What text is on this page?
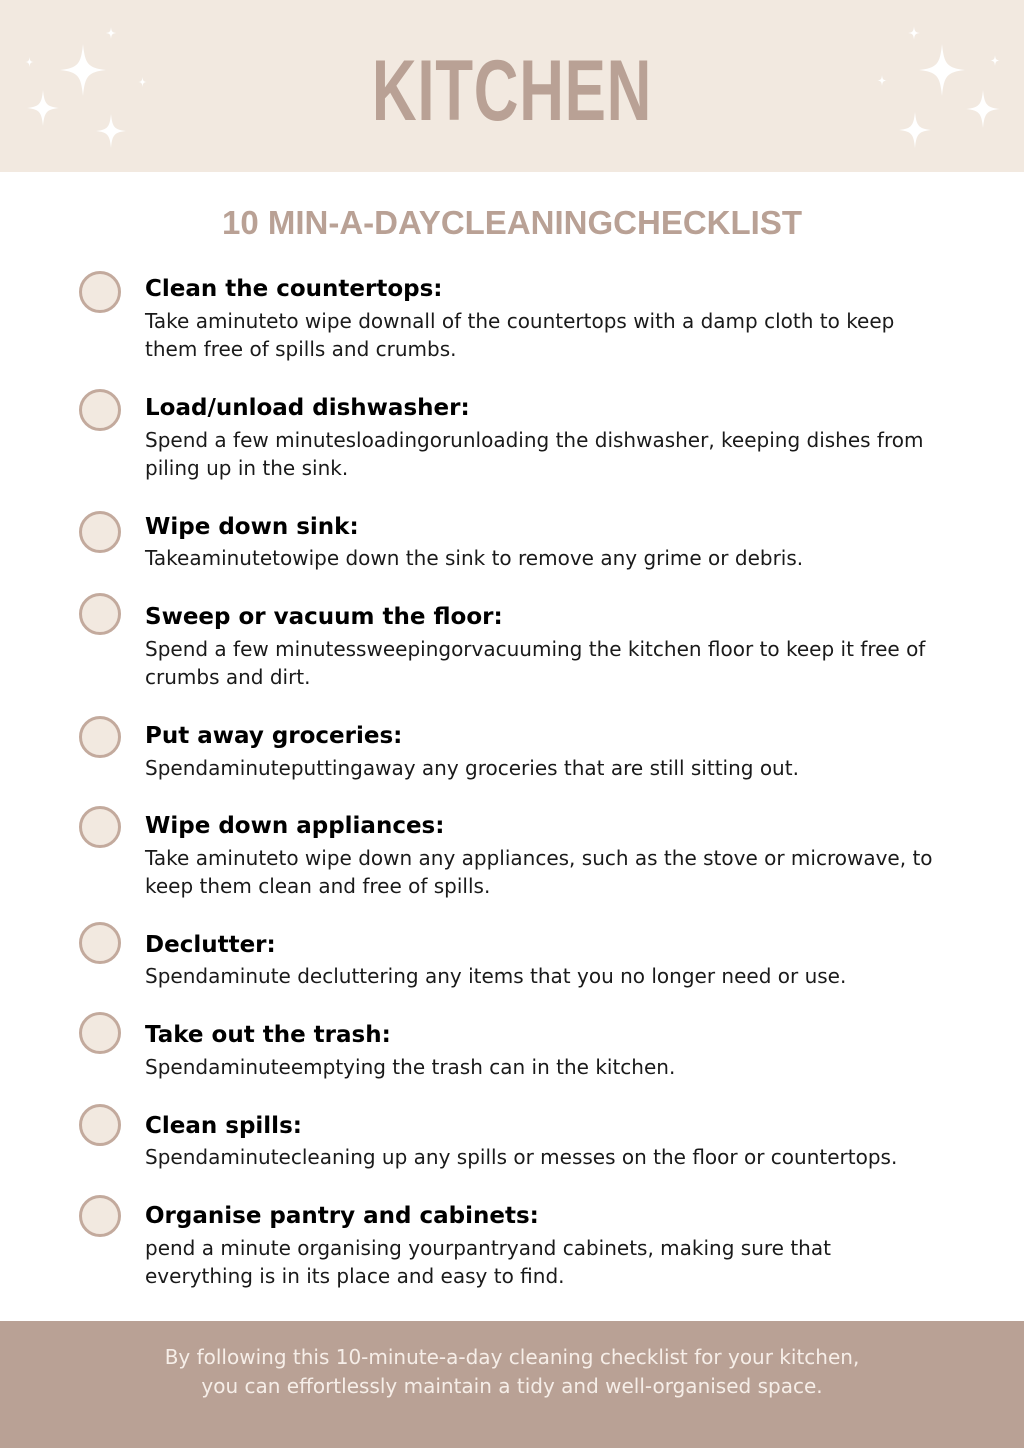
KITCHEN
10 MIN-A-DAYCLEANINGCHECKLIST
Clean the countertops:
Take aminuteto wipe downall of the countertops with a damp cloth to keep them free of spills and crumbs.
Load/unload dishwasher:
Spend a few minutesloadingorunloading the dishwasher, keeping dishes from piling up in the sink.
Wipe down sink:
Takeaminutetowipe down the sink to remove any grime or debris.
Sweep or vacuum the floor:
Spend a few minutessweepingorvacuuming the kitchen floor to keep it free of crumbs and dirt.
Put away groceries:
Spendaminuteputtingaway any groceries that are still sitting out.
Wipe down appliances:
Take aminuteto wipe down any appliances, such as the stove or microwave, to keep them clean and free of spills.
Declutter:
Spendaminute decluttering any items that you no longer need or use.
Take out the trash:
Spendaminuteemptying the trash can in the kitchen.
Clean spills:
Spendaminutecleaning up any spills or messes on the floor or countertops.
Organise pantry and cabinets:
pend a minute organising yourpantryand cabinets, making sure that everything is in its place and easy to find.
By following this 10-minute-a-day cleaning checklist for your kitchen,
you can effortlessly maintain a tidy and well-organised space.
